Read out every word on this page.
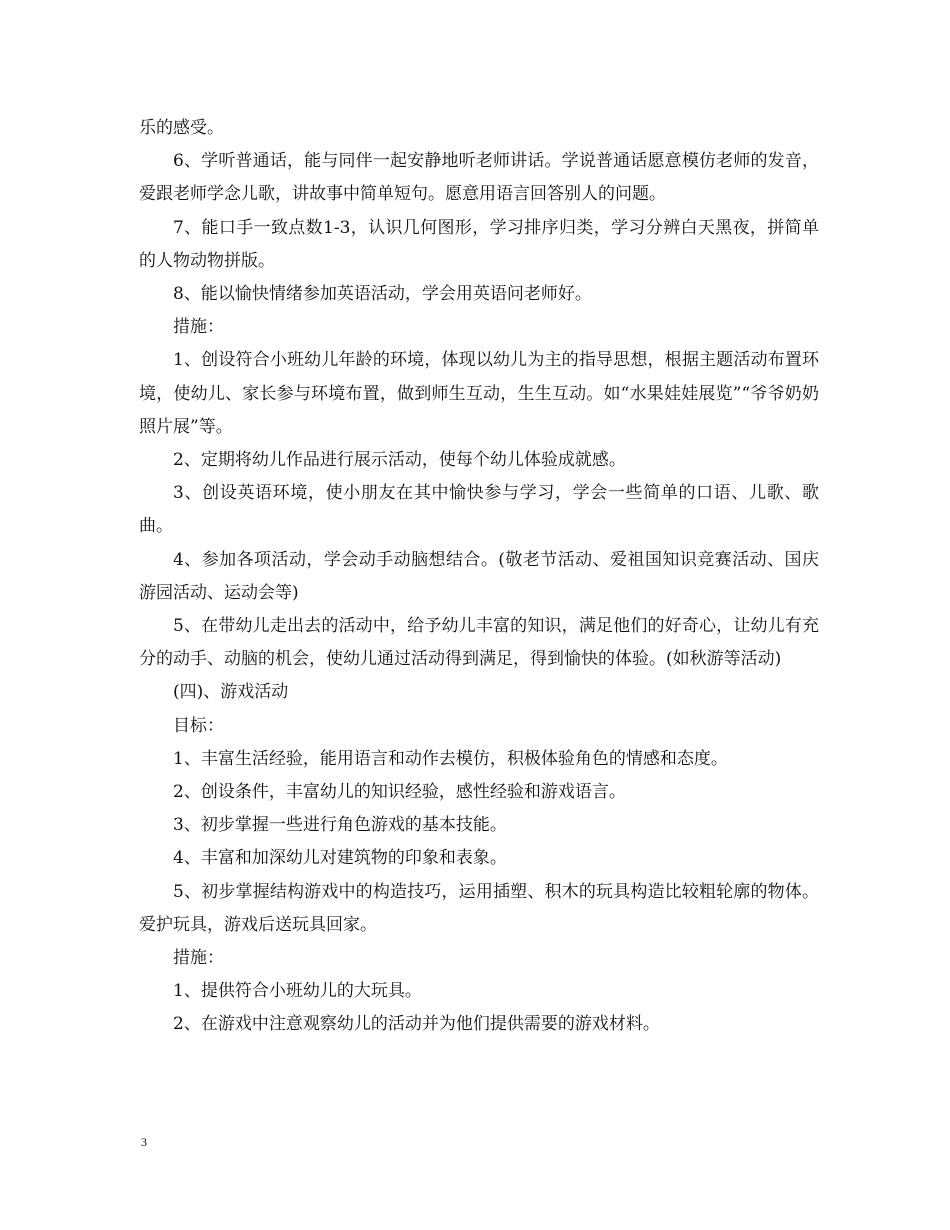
乐的感受。

6、学听普通话，能与同伴一起安静地听老师讲话。学说普通话愿意模仿老师的发音，爱跟老师学念儿歌，讲故事中简单短句。愿意用语言回答别人的问题。

7、能口手一致点数1-3，认识几何图形，学习排序归类，学习分辨白天黑夜，拼简单的人物动物拼版。

8、能以愉快情绪参加英语活动，学会用英语问老师好。

措施：

1、创设符合小班幼儿年龄的环境，体现以幼儿为主的指导思想，根据主题活动布置环境，使幼儿、家长参与环境布置，做到师生互动，生生互动。如“水果娃娃展览”“爷爷奶奶照片展”等。

2、定期将幼儿作品进行展示活动，使每个幼儿体验成就感。

3、创设英语环境，使小朋友在其中愉快参与学习，学会一些简单的口语、儿歌、歌曲。

4、参加各项活动，学会动手动脑想结合。(敬老节活动、爱祖国知识竞赛活动、国庆游园活动、运动会等)

5、在带幼儿走出去的活动中，给予幼儿丰富的知识，满足他们的好奇心，让幼儿有充分的动手、动脑的机会，使幼儿通过活动得到满足，得到愉快的体验。(如秋游等活动)

(四)、游戏活动

目标：

1、丰富生活经验，能用语言和动作去模仿，积极体验角色的情感和态度。

2、创设条件，丰富幼儿的知识经验，感性经验和游戏语言。

3、初步掌握一些进行角色游戏的基本技能。

4、丰富和加深幼儿对建筑物的印象和表象。

5、初步掌握结构游戏中的构造技巧，运用插塑、积木的玩具构造比较粗轮廓的物体。爱护玩具，游戏后送玩具回家。

措施：

1、提供符合小班幼儿的大玩具。

2、在游戏中注意观察幼儿的活动并为他们提供需要的游戏材料。

3
